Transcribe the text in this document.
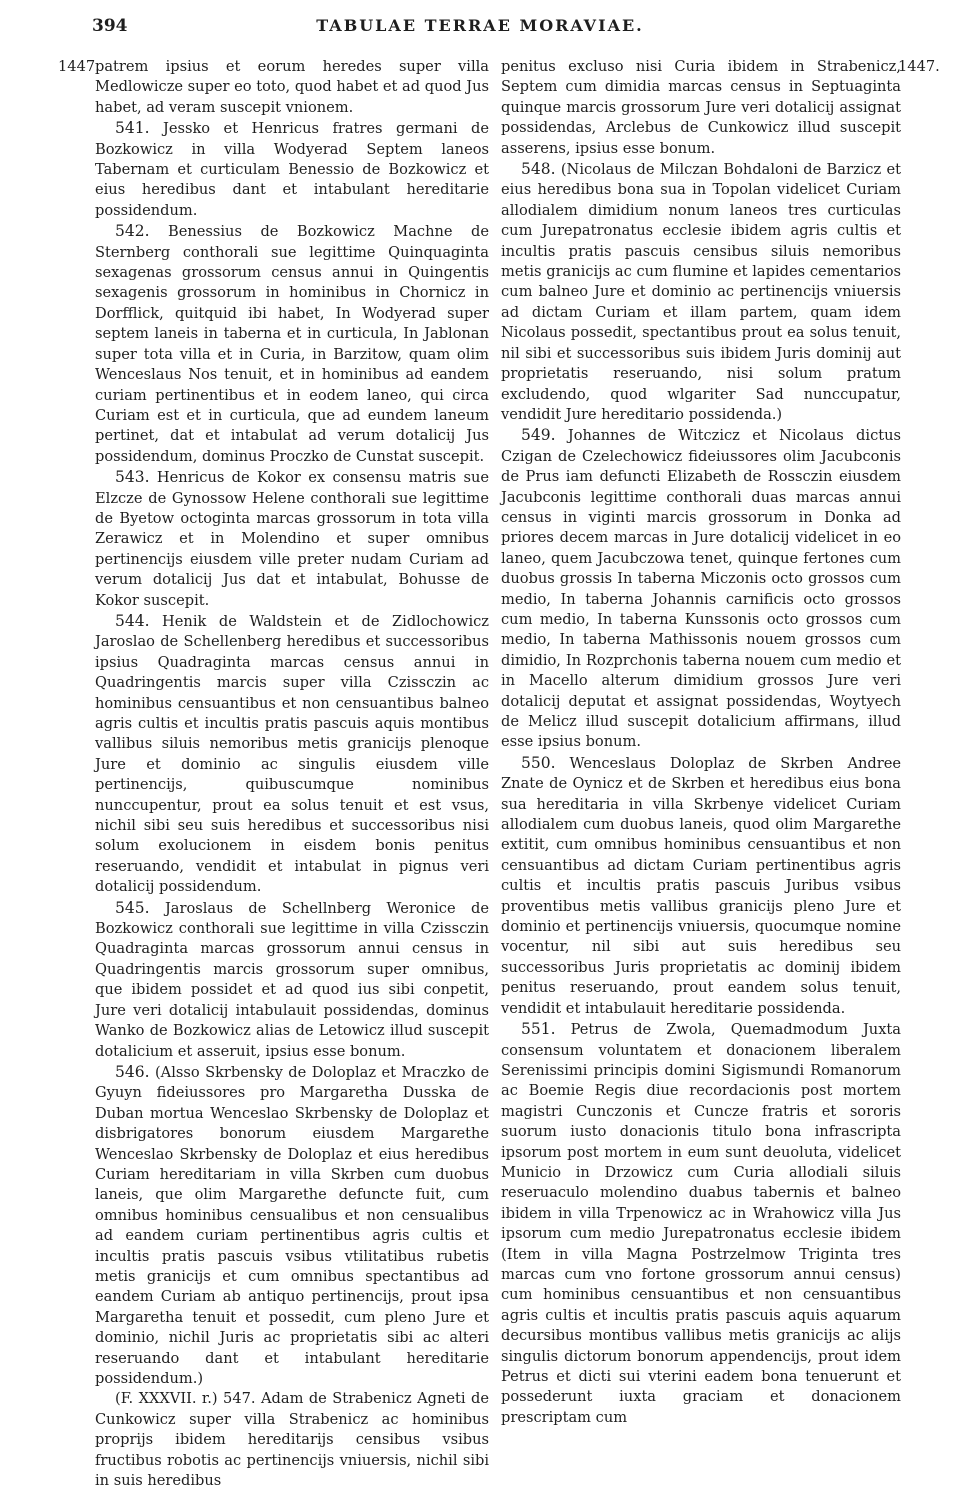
394	TABULAE TERRAE MORAVIAE.
1447.	1447.

patrem ipsius et eorum heredes super villa Medlowicze super eo toto, quod habet et ad quod Jus habet, ad veram suscepit vnionem.

541. Jessko et Henricus fratres germani de Bozkowicz in villa Wodyerad Septem laneos Tabernam et curticulam Benessio de Bozkowicz et eius heredibus dant et intabulant hereditarie possidendum.

542. Benessius de Bozkowicz Machne de Sternberg conthorali sue legittime Quinquaginta sexagenas grossorum census annui in Quingentis sexagenis grossorum in hominibus in Chornicz in Dorfflick, quitquid ibi habet, In Wodyerad super septem laneis in taberna et in curticula, In Jablonan super tota villa et in Curia, in Barzitow, quam olim Wenceslaus Nos tenuit, et in hominibus ad eandem curiam pertinentibus et in eodem laneo, qui circa Curiam est et in curticula, que ad eundem laneum pertinet, dat et intabulat ad verum dotalicij Jus possidendum, dominus Proczko de Cunstat suscepit.

543. Henricus de Kokor ex consensu matris sue Elzcze de Gynossow Helene conthorali sue legittime de Byetow octoginta marcas grossorum in tota villa Zerawicz et in Molendino et super omnibus pertinencijs eiusdem ville preter nudam Curiam ad verum dotalicij Jus dat et intabulat, Bohusse de Kokor suscepit.

544. Henik de Waldstein et de Zidlochowicz Jaroslao de Schellenberg heredibus et successoribus ipsius Quadraginta marcas census annui in Quadringentis marcis super villa Czissczin ac hominibus censuantibus et non censuantibus balneo agris cultis et incultis pratis pascuis aquis montibus vallibus siluis nemoribus metis granicijs plenoque Jure et dominio ac singulis eiusdem ville pertinencijs, quibuscumque nominibus nunccupentur, prout ea solus tenuit et est vsus, nichil sibi seu suis heredibus et successoribus nisi solum exolucionem in eisdem bonis penitus reseruando, vendidit et intabulat in pignus veri dotalicij possidendum.

545. Jaroslaus de Schellnberg Weronice de Bozkowicz conthorali sue legittime in villa Czissczin Quadraginta marcas grossorum annui census in Quadringentis marcis grossorum super omnibus, que ibidem possidet et ad quod ius sibi conpetit, Jure veri dotalicij intabulauit possidendas, dominus Wanko de Bozkowicz alias de Letowicz illud suscepit dotalicium et asseruit, ipsius esse bonum.

546. (Alsso Skrbensky de Doloplaz et Mraczko de Gyuyn fideiussores pro Margaretha Dusska de Duban mortua Wenceslao Skrbensky de Doloplaz et disbrigatores bonorum eiusdem Margarethe Wenceslao Skrbensky de Doloplaz et eius heredibus Curiam hereditariam in villa Skrben cum duobus laneis, que olim Margarethe defuncte fuit, cum omnibus hominibus censualibus et non censualibus ad eandem curiam pertinentibus agris cultis et incultis pratis pascuis vsibus vtilitatibus rubetis metis granicijs et cum omnibus spectantibus ad eandem Curiam ab antiquo pertinencijs, prout ipsa Margaretha tenuit et possedit, cum pleno Jure et dominio, nichil Juris ac proprietatis sibi ac alteri reseruando dant et intabulant hereditarie possidendum.)

(F. XXXVII. r.) 547. Adam de Strabenicz Agneti de Cunkowicz super villa Strabenicz ac hominibus proprijs ibidem hereditarijs censibus vsibus fructibus robotis ac pertinencijs vniuersis, nichil sibi in suis heredibus

penitus excluso nisi Curia ibidem in Strabenicz, Septem cum dimidia marcas census in Septuaginta quinque marcis grossorum Jure veri dotalicij assignat possidendas, Arclebus de Cunkowicz illud suscepit asserens, ipsius esse bonum.

548. (Nicolaus de Milczan Bohdaloni de Barzicz et eius heredibus bona sua in Topolan videlicet Curiam allodialem dimidium nonum laneos tres curticulas cum Jurepatronatus ecclesie ibidem agris cultis et incultis pratis pascuis censibus siluis nemoribus metis granicijs ac cum flumine et lapides cementarios cum balneo Jure et dominio ac pertinencijs vniuersis ad dictam Curiam et illam partem, quam idem Nicolaus possedit, spectantibus prout ea solus tenuit, nil sibi et successoribus suis ibidem Juris dominij aut proprietatis reseruando, nisi solum pratum excludendo, quod wlgariter Sad nunccupatur, vendidit Jure hereditario possidenda.)

549. Johannes de Witczicz et Nicolaus dictus Czigan de Czelechowicz fideiussores olim Jacubconis de Prus iam defuncti Elizabeth de Rossczin eiusdem Jacubconis legittime conthorali duas marcas annui census in viginti marcis grossorum in Donka ad priores decem marcas in Jure dotalicij videlicet in eo laneo, quem Jacubczowa tenet, quinque fertones cum duobus grossis In taberna Miczonis octo grossos cum medio, In taberna Johannis carnificis octo grossos cum medio, In taberna Kunssonis octo grossos cum medio, In taberna Mathissonis nouem grossos cum dimidio, In Rozprchonis taberna nouem cum medio et in Macello alterum dimidium grossos Jure veri dotalicij deputat et assignat possidendas, Woytyech de Melicz illud suscepit dotalicium affirmans, illud esse ipsius bonum.

550. Wenceslaus Doloplaz de Skrben Andree Znate de Oynicz et de Skrben et heredibus eius bona sua hereditaria in villa Skrbenye videlicet Curiam allodialem cum duobus laneis, quod olim Margarethe extitit, cum omnibus hominibus censuantibus et non censuantibus ad dictam Curiam pertinentibus agris cultis et incultis pratis pascuis Juribus vsibus proventibus metis vallibus granicijs pleno Jure et dominio et pertinencijs vniuersis, quocumque nomine vocentur, nil sibi aut suis heredibus seu successoribus Juris proprietatis ac dominij ibidem penitus reseruando, prout eandem solus tenuit, vendidit et intabulauit hereditarie possidenda.

551. Petrus de Zwola, Quemadmodum Juxta consensum voluntatem et donacionem liberalem Serenissimi principis domini Sigismundi Romanorum ac Boemie Regis diue recordacionis post mortem magistri Cunczonis et Cuncze fratris et sororis suorum iusto donacionis titulo bona infrascripta ipsorum post mortem in eum sunt deuoluta, videlicet Municio in Drzowicz cum Curia allodiali siluis reseruaculo molendino duabus tabernis et balneo ibidem in villa Trpenowicz ac in Wrahowicz villa Jus ipsorum cum medio Jurepatronatus ecclesie ibidem (Item in villa Magna Postrzelmow Triginta tres marcas cum vno fortone grossorum annui census) cum hominibus censuantibus et non censuantibus agris cultis et incultis pratis pascuis aquis aquarum decursibus montibus vallibus metis granicijs ac alijs singulis dictorum bonorum appendencijs, prout idem Petrus et dicti sui vterini eadem bona tenuerunt et possederunt iuxta graciam et donacionem prescriptam cum
